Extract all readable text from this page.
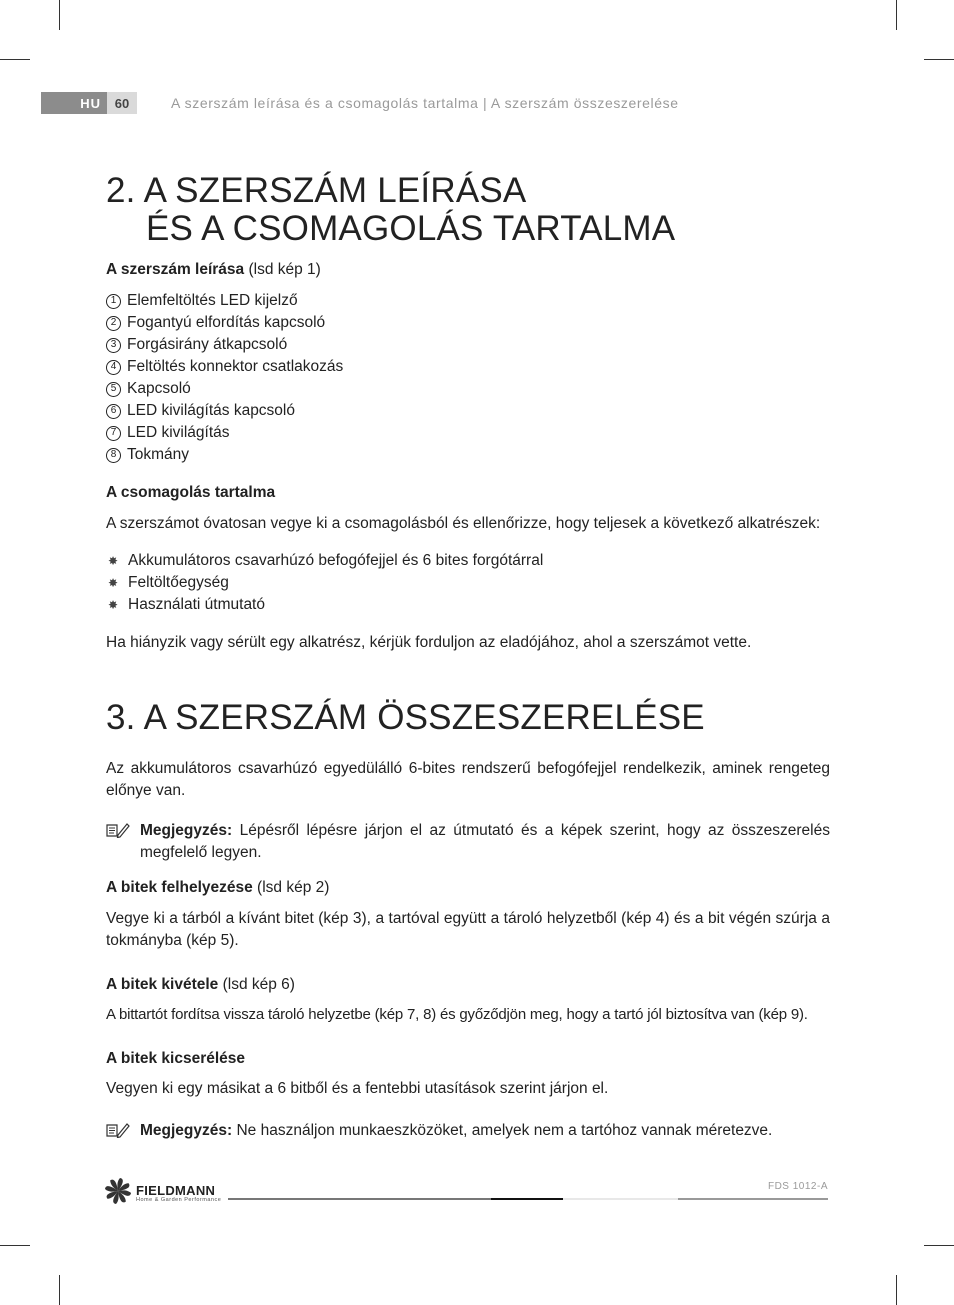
HU	60	A szerszám leírása és a csomagolás tartalma | A szerszám összeszerelése
2. A SZERSZÁM LEÍRÁSA
ÉS A CSOMAGOLÁS TARTALMA
A szerszám leírása (lsd kép 1)
1 Elemfeltöltés LED kijelző
2 Fogantyú elfordítás kapcsoló
3 Forgásirány átkapcsoló
4 Feltöltés konnektor csatlakozás
5 Kapcsoló
6 LED kivilágítás kapcsoló
7 LED kivilágítás
8 Tokmány
A csomagolás tartalma
A szerszámot óvatosan vegye ki a csomagolásból és ellenőrizze, hogy teljesek a következő alkatrészek:
✸ Akkumulátoros csavarhúzó befogófejjel és 6 bites forgótárral
✸ Feltöltőegység
✸ Használati útmutató
Ha hiányzik vagy sérült egy alkatrész, kérjük forduljon az eladójához, ahol a szerszámot vette.
3. A SZERSZÁM ÖSSZESZERELÉSE
Az akkumulátoros csavarhúzó egyedülálló 6-bites rendszerű befogófejjel rendelkezik, aminek rengeteg előnye van.
Megjegyzés: Lépésről lépésre járjon el az útmutató és a képek szerint, hogy az összeszerelés megfelelő legyen.
A bitek felhelyezése (lsd kép 2)
Vegye ki a tárból a kívánt bitet (kép 3), a tartóval együtt a tároló helyzetből (kép 4) és a bit végén szúrja a tokmányba (kép 5).
A bitek kivétele (lsd kép 6)
A bittartót fordítsa vissza tároló helyzetbe (kép 7, 8) és győződjön meg, hogy a tartó jól biztosítva van (kép 9).
A bitek kicserélése
Vegyen ki egy másikat a 6 bitből és a fentebbi utasítások szerint járjon el.
Megjegyzés: Ne használjon munkaeszközöket, amelyek nem a tartóhoz vannak méretezve.
FIELDMANN
Home & Garden Performance
FDS 1012-A
